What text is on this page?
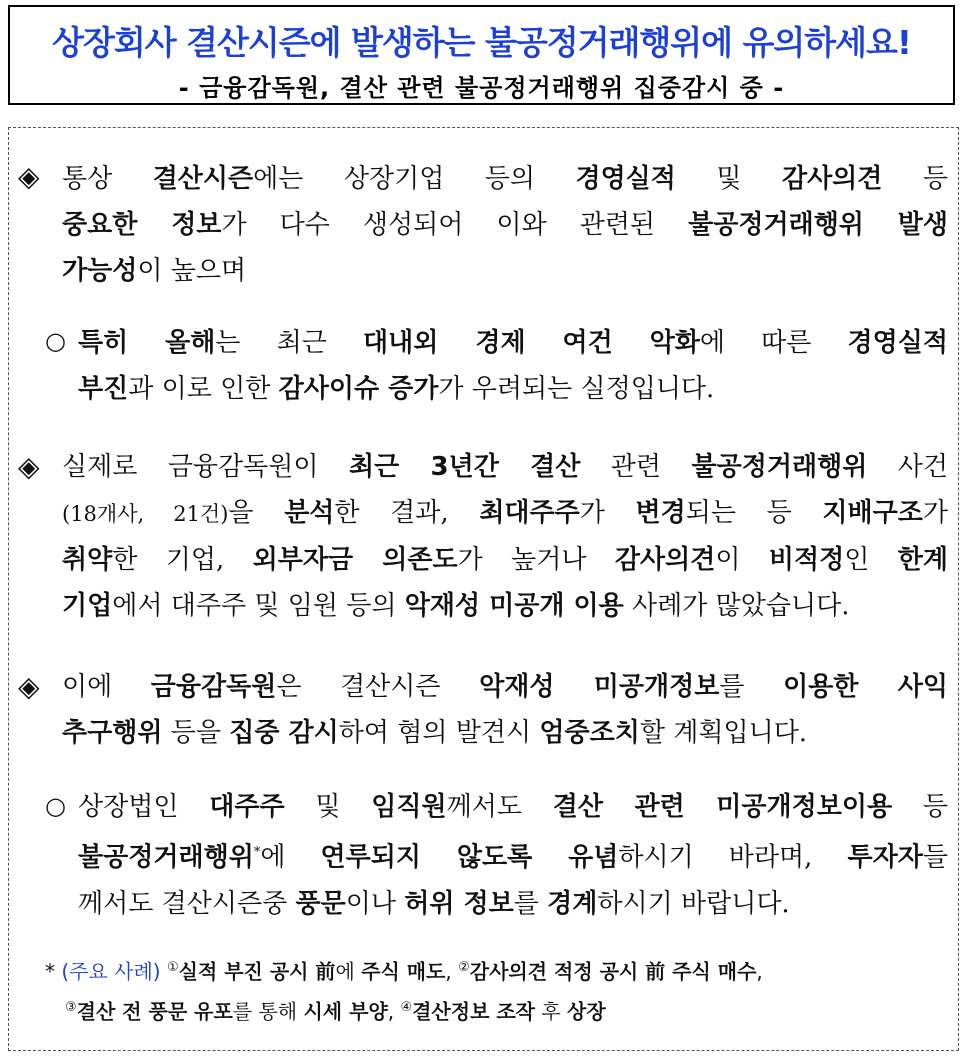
상장회사 결산시즌에 발생하는 불공정거래행위에 유의하세요!
- 금융감독원, 결산 관련 불공정거래행위 집중감시 중 -
◈ 통상 결산시즌에는 상장기업 등의 경영실적 및 감사의견 등
중요한 정보가 다수 생성되어 이와 관련된 불공정거래행위 발생
가능성이 높으며
○ 특히 올해는 최근 대내외 경제 여건 악화에 따른 경영실적
부진과 이로 인한 감사이슈 증가가 우려되는 실정입니다.
◈ 실제로 금융감독원이 최근 3년간 결산 관련 불공정거래행위 사건
(18개사, 21건)을 분석한 결과, 최대주주가 변경되는 등 지배구조가
취약한 기업, 외부자금 의존도가 높거나 감사의견이 비적정인 한계
기업에서 대주주 및 임원 등의 악재성 미공개 이용 사례가 많았습니다.
◈ 이에 금융감독원은 결산시즌 악재성 미공개정보를 이용한 사익
추구행위 등을 집중 감시하여 혐의 발견시 엄중조치할 계획입니다.
○ 상장법인 대주주 및 임직원께서도 결산 관련 미공개정보이용 등
불공정거래행위*에 연루되지 않도록 유념하시기 바라며, 투자자들
께서도 결산시즌중 풍문이나 허위 정보를 경계하시기 바랍니다.
* (주요 사례) ①실적 부진 공시 前에 주식 매도, ②감사의견 적정 공시 前 주식 매수,
③결산 전 풍문 유포를 통해 시세 부양, ④결산정보 조작 후 상장
